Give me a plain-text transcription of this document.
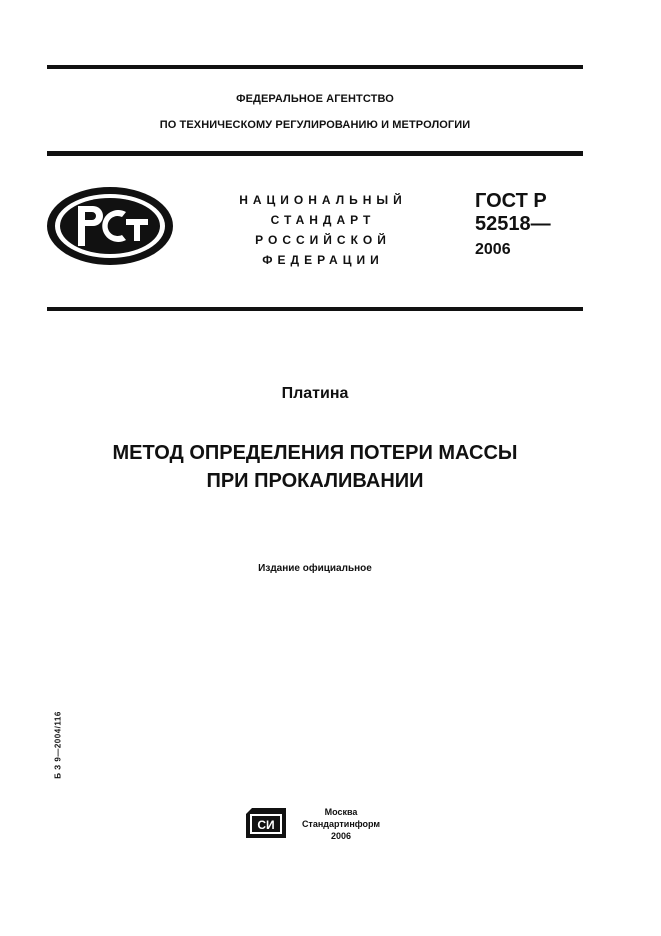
ФЕДЕРАЛЬНОЕ АГЕНТСТВО
ПО ТЕХНИЧЕСКОМУ РЕГУЛИРОВАНИЮ И МЕТРОЛОГИИ
РСТ
НАЦИОНАЛЬНЫЙ
СТАНДАРТ
РОССИЙСКОЙ
ФЕДЕРАЦИИ
ГОСТ Р
52518—
2006
Платина
МЕТОД ОПРЕДЕЛЕНИЯ ПОТЕРИ МАССЫ
ПРИ ПРОКАЛИВАНИИ
Издание официальное
Б З 9—2004/116
СИ
Москва
Стандартинформ
2006
